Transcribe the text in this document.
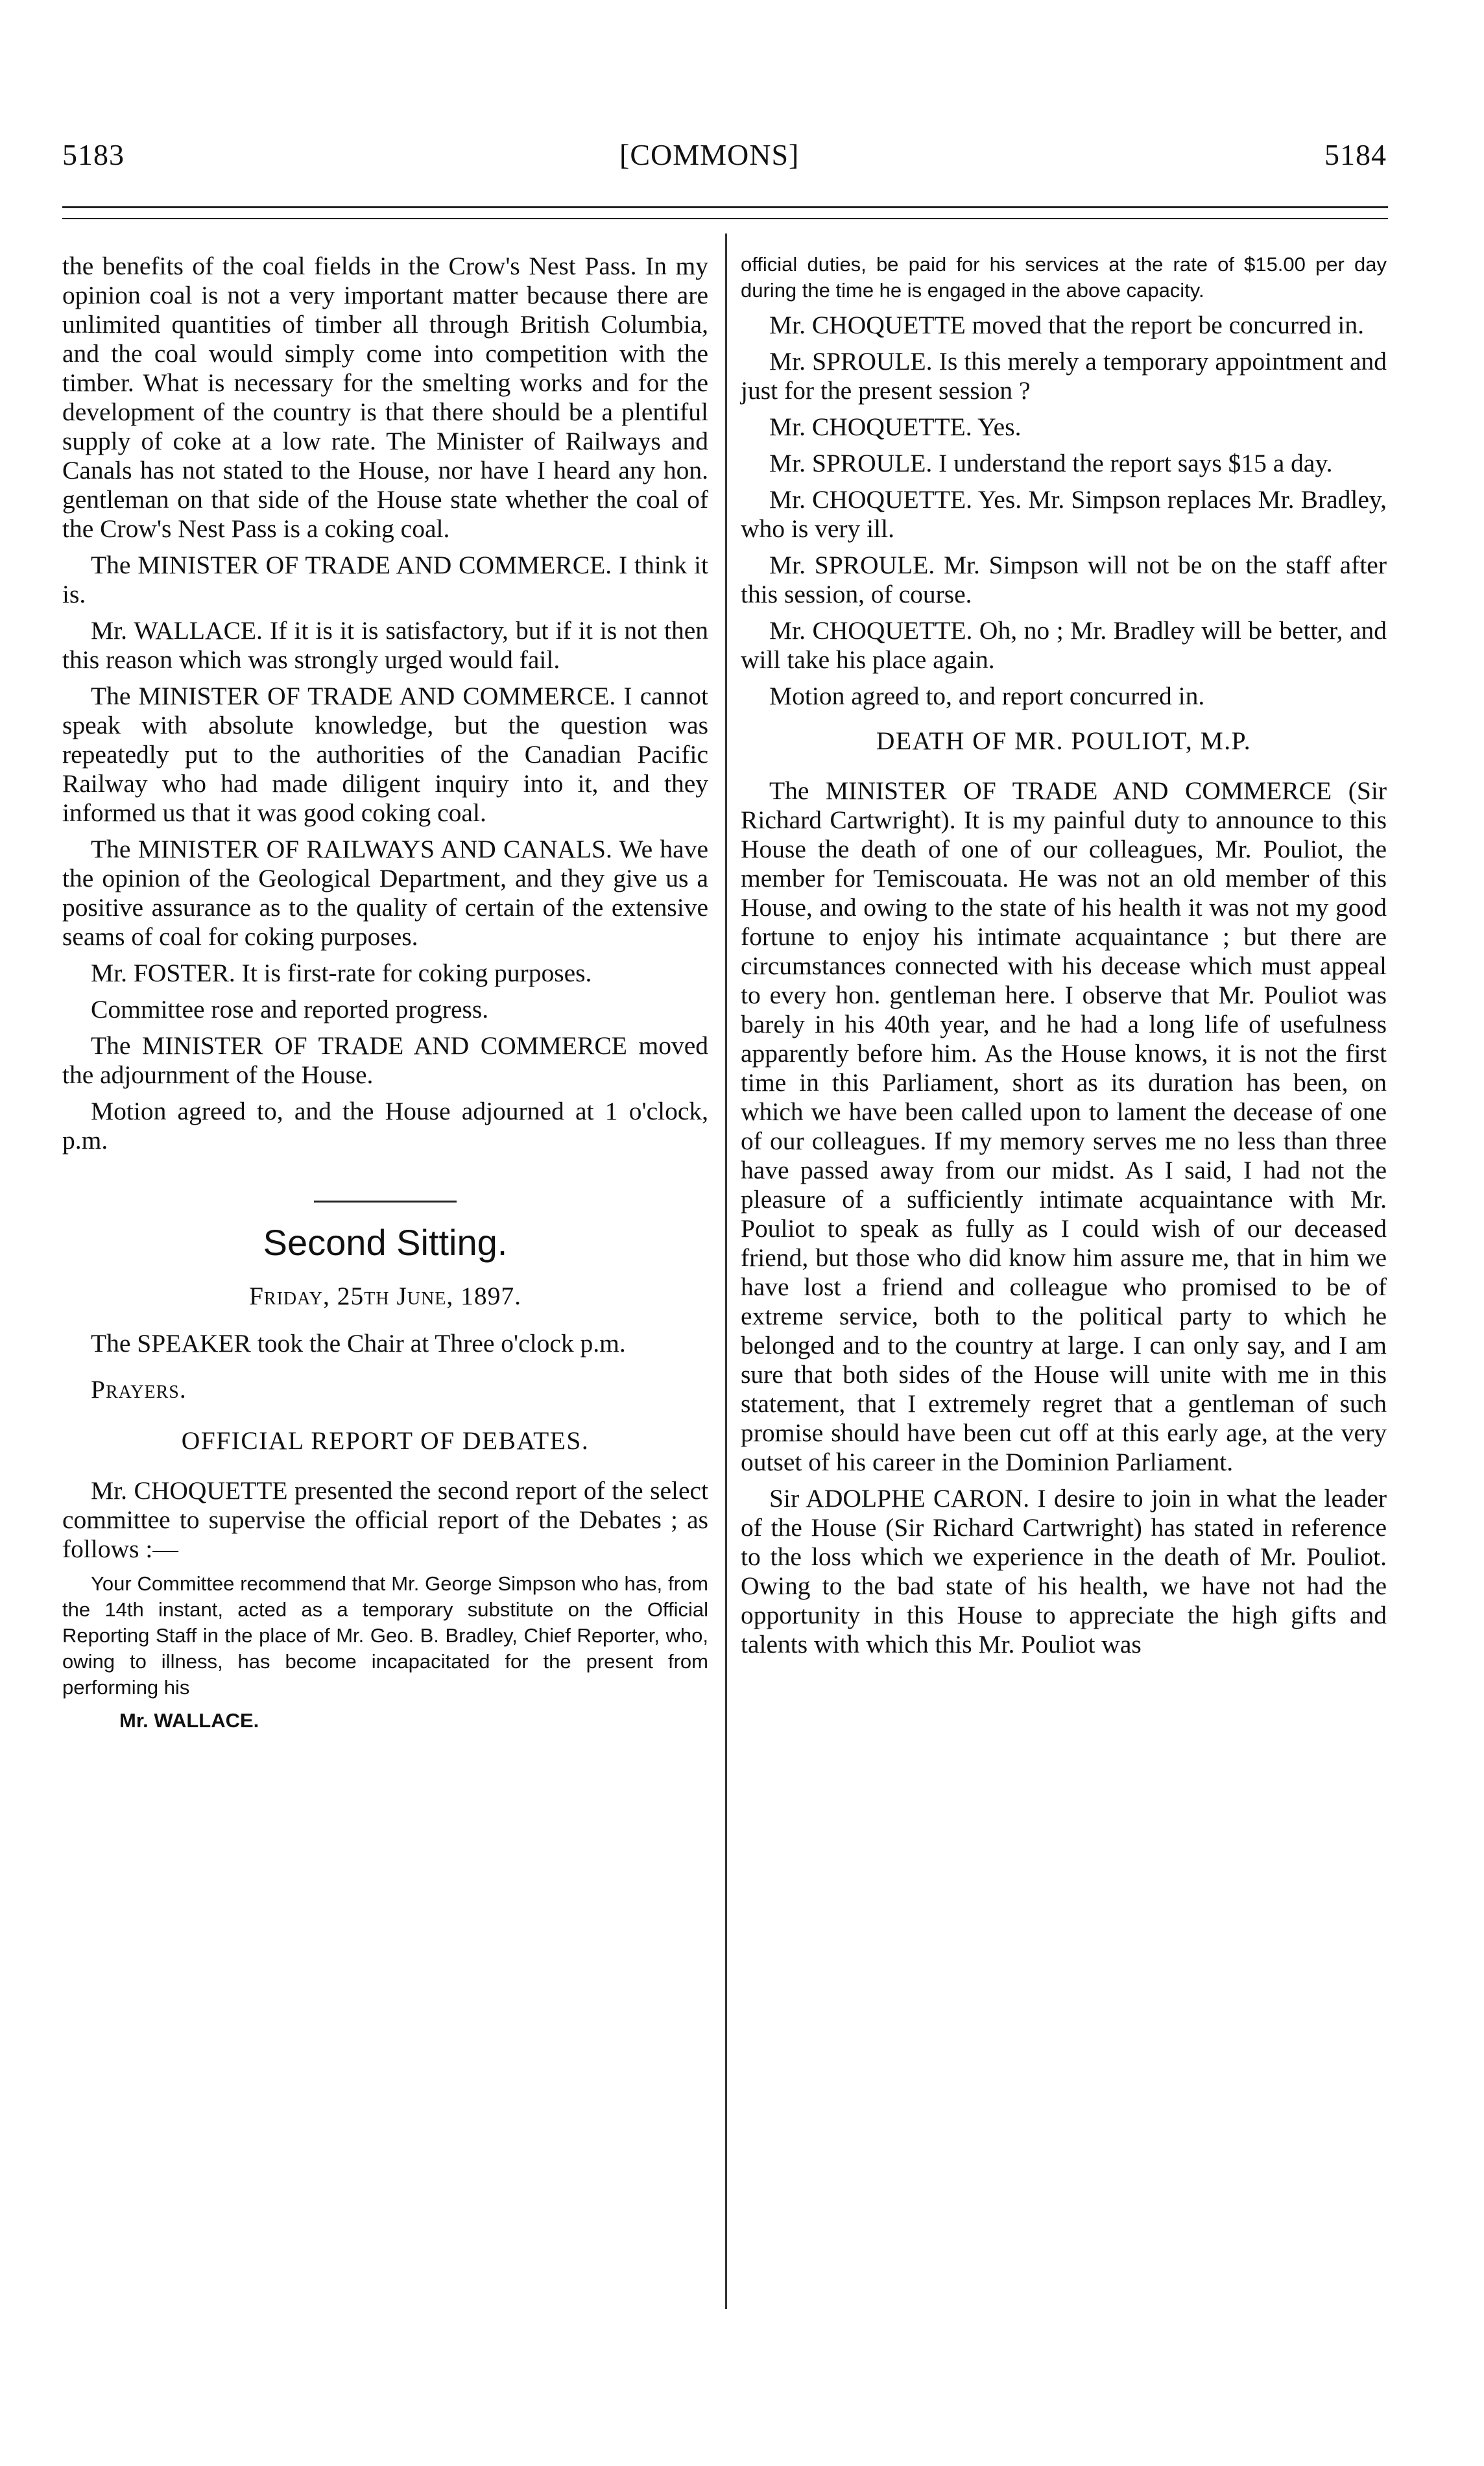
5183	[COMMONS]	5184

the benefits of the coal fields in the Crow's Nest Pass. In my opinion coal is not a very important matter because there are unlimited quantities of timber all through British Columbia, and the coal would simply come into competition with the timber. What is necessary for the smelting works and for the development of the country is that there should be a plentiful supply of coke at a low rate. The Minister of Railways and Canals has not stated to the House, nor have I heard any hon. gentleman on that side of the House state whether the coal of the Crow's Nest Pass is a coking coal.

The MINISTER OF TRADE AND COMMERCE. I think it is.

Mr. WALLACE. If it is it is satisfactory, but if it is not then this reason which was strongly urged would fail.

The MINISTER OF TRADE AND COMMERCE. I cannot speak with absolute knowledge, but the question was repeatedly put to the authorities of the Canadian Pacific Railway who had made diligent inquiry into it, and they informed us that it was good coking coal.

The MINISTER OF RAILWAYS AND CANALS. We have the opinion of the Geological Department, and they give us a positive assurance as to the quality of certain of the extensive seams of coal for coking purposes.

Mr. FOSTER. It is first-rate for coking purposes.

Committee rose and reported progress.

The MINISTER OF TRADE AND COMMERCE moved the adjournment of the House.

Motion agreed to, and the House adjourned at 1 o'clock, p.m.

Second Sitting.
Friday, 25th June, 1897.

The SPEAKER took the Chair at Three o'clock p.m.

Prayers.

OFFICIAL REPORT OF DEBATES.

Mr. CHOQUETTE presented the second report of the select committee to supervise the official report of the Debates ; as follows :—

Your Committee recommend that Mr. George Simpson who has, from the 14th instant, acted as a temporary substitute on the Official Reporting Staff in the place of Mr. Geo. B. Bradley, Chief Reporter, who, owing to illness, has become incapacitated for the present from performing his

Mr. WALLACE.

official duties, be paid for his services at the rate of $15.00 per day during the time he is engaged in the above capacity.

Mr. CHOQUETTE moved that the report be concurred in.

Mr. SPROULE. Is this merely a temporary appointment and just for the present session ?

Mr. CHOQUETTE. Yes.

Mr. SPROULE. I understand the report says $15 a day.

Mr. CHOQUETTE. Yes. Mr. Simpson replaces Mr. Bradley, who is very ill.

Mr. SPROULE. Mr. Simpson will not be on the staff after this session, of course.

Mr. CHOQUETTE. Oh, no ; Mr. Bradley will be better, and will take his place again.

Motion agreed to, and report concurred in.

DEATH OF MR. POULIOT, M.P.

The MINISTER OF TRADE AND COMMERCE (Sir Richard Cartwright). It is my painful duty to announce to this House the death of one of our colleagues, Mr. Pouliot, the member for Temiscouata. He was not an old member of this House, and owing to the state of his health it was not my good fortune to enjoy his intimate acquaintance ; but there are circumstances connected with his decease which must appeal to every hon. gentleman here. I observe that Mr. Pouliot was barely in his 40th year, and he had a long life of usefulness apparently before him. As the House knows, it is not the first time in this Parliament, short as its duration has been, on which we have been called upon to lament the decease of one of our colleagues. If my memory serves me no less than three have passed away from our midst. As I said, I had not the pleasure of a sufficiently intimate acquaintance with Mr. Pouliot to speak as fully as I could wish of our deceased friend, but those who did know him assure me, that in him we have lost a friend and colleague who promised to be of extreme service, both to the political party to which he belonged and to the country at large. I can only say, and I am sure that both sides of the House will unite with me in this statement, that I extremely regret that a gentleman of such promise should have been cut off at this early age, at the very outset of his career in the Dominion Parliament.

Sir ADOLPHE CARON. I desire to join in what the leader of the House (Sir Richard Cartwright) has stated in reference to the loss which we experience in the death of Mr. Pouliot. Owing to the bad state of his health, we have not had the opportunity in this House to appreciate the high gifts and talents with which this Mr. Pouliot was
